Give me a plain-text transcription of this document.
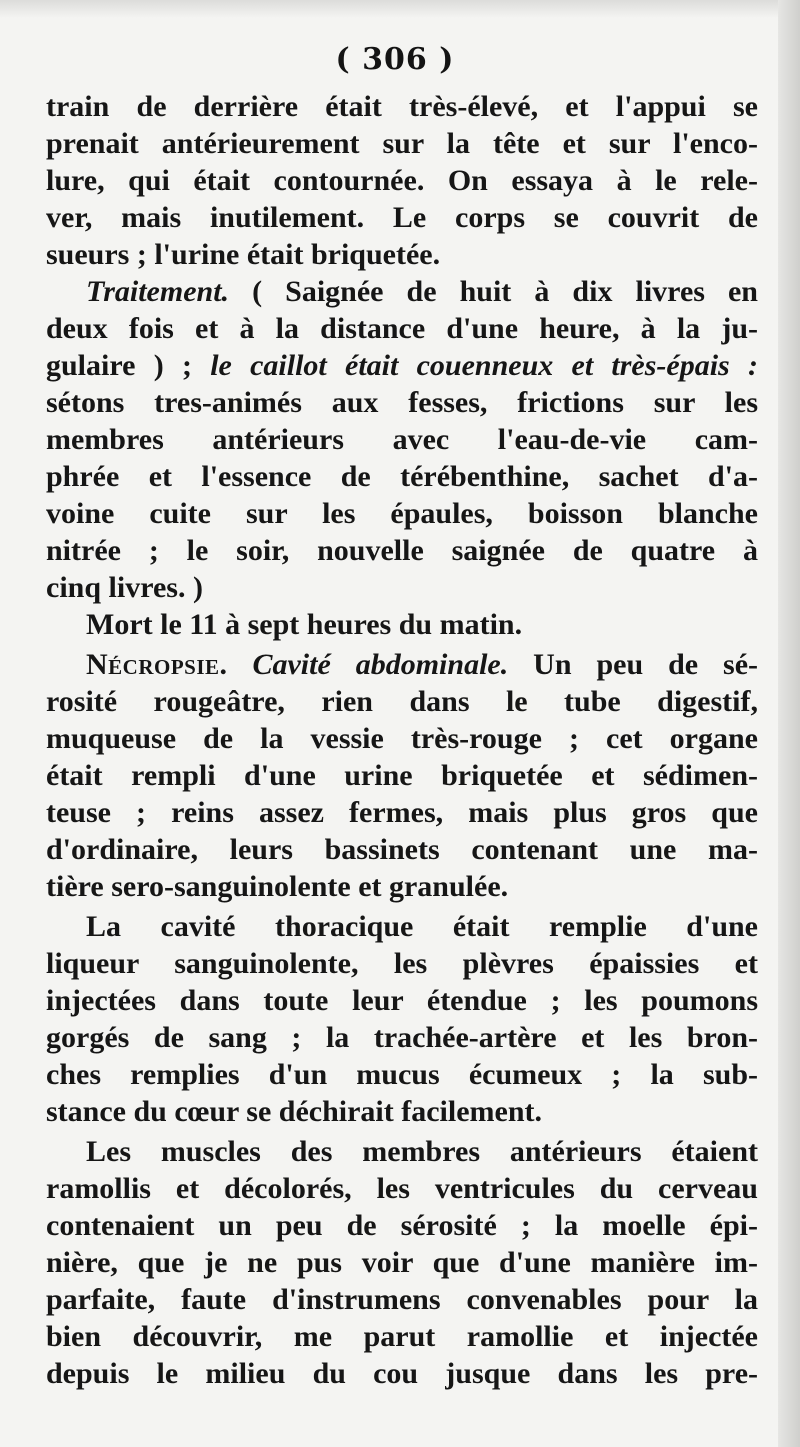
( 306 )
train de derrière était très-élevé, et l'appui se
prenait antérieurement sur la tête et sur l'enco-
lure, qui était contournée. On essaya à le rele-
ver, mais inutilement. Le corps se couvrit de
sueurs ; l'urine était briquetée.
Traitement. ( Saignée de huit à dix livres en
deux fois et à la distance d'une heure, à la ju-
gulaire ) ; le caillot était couenneux et très-épais :
sétons tres-animés aux fesses, frictions sur les
membres antérieurs avec l'eau-de-vie cam-
phrée et l'essence de térébenthine, sachet d'a-
voine cuite sur les épaules, boisson blanche
nitrée ; le soir, nouvelle saignée de quatre à
cinq livres. )
Mort le 11 à sept heures du matin.
Nécropsie. Cavité abdominale. Un peu de sé-
rosité rougeâtre, rien dans le tube digestif,
muqueuse de la vessie très-rouge ; cet organe
était rempli d'une urine briquetée et sédimen-
teuse ; reins assez fermes, mais plus gros que
d'ordinaire, leurs bassinets contenant une ma-
tière sero-sanguinolente et granulée.
La cavité thoracique était remplie d'une
liqueur sanguinolente, les plèvres épaissies et
injectées dans toute leur étendue ; les poumons
gorgés de sang ; la trachée-artère et les bron-
ches remplies d'un mucus écumeux ; la sub-
stance du cœur se déchirait facilement.
Les muscles des membres antérieurs étaient
ramollis et décolorés, les ventricules du cerveau
contenaient un peu de sérosité ; la moelle épi-
nière, que je ne pus voir que d'une manière im-
parfaite, faute d'instrumens convenables pour la
bien découvrir, me parut ramollie et injectée
depuis le milieu du cou jusque dans les pre-
